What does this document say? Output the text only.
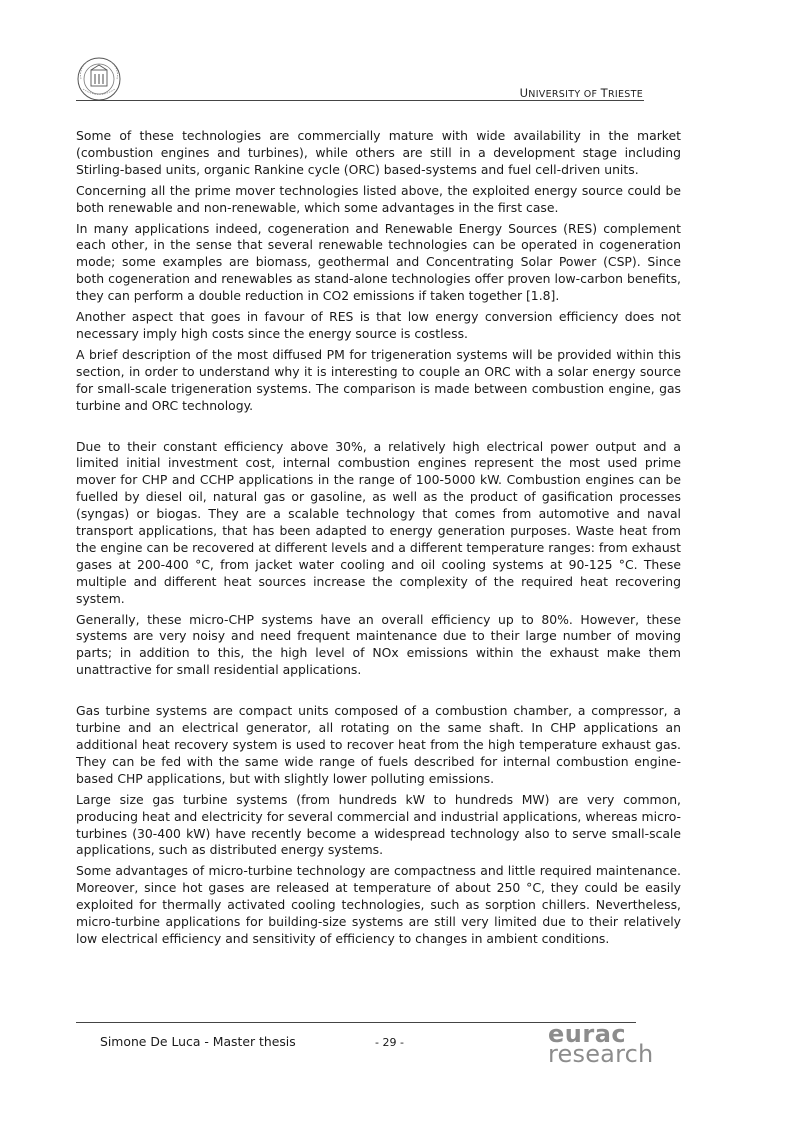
UNIVERSITY OF TRIESTE

Some of these technologies are commercially mature with wide availability in the market (combustion engines and turbines), while others are still in a development stage including Stirling-based units, organic Rankine cycle (ORC) based-systems and fuel cell-driven units.

Concerning all the prime mover technologies listed above, the exploited energy source could be both renewable and non-renewable, which some advantages in the first case.

In many applications indeed, cogeneration and Renewable Energy Sources (RES) complement each other, in the sense that several renewable technologies can be operated in cogeneration mode; some examples are biomass, geothermal and Concentrating Solar Power (CSP). Since both cogeneration and renewables as stand-alone technologies offer proven low-carbon benefits, they can perform a double reduction in CO2 emissions if taken together [1.8].

Another aspect that goes in favour of RES is that low energy conversion efficiency does not necessary imply high costs since the energy source is costless.

A brief description of the most diffused PM for trigeneration systems will be provided within this section, in order to understand why it is interesting to couple an ORC with a solar energy source for small-scale trigeneration systems. The comparison is made between combustion engine, gas turbine and ORC technology.

Due to their constant efficiency above 30%, a relatively high electrical power output and a limited initial investment cost, internal combustion engines represent the most used prime mover for CHP and CCHP applications in the range of 100-5000 kW. Combustion engines can be fuelled by diesel oil, natural gas or gasoline, as well as the product of gasification processes (syngas) or biogas. They are a scalable technology that comes from automotive and naval transport applications, that has been adapted to energy generation purposes. Waste heat from the engine can be recovered at different levels and a different temperature ranges: from exhaust gases at 200-400 °C, from jacket water cooling and oil cooling systems at 90-125 °C. These multiple and different heat sources increase the complexity of the required heat recovering system.

Generally, these micro-CHP systems have an overall efficiency up to 80%. However, these systems are very noisy and need frequent maintenance due to their large number of moving parts; in addition to this, the high level of NOx emissions within the exhaust make them unattractive for small residential applications.

Gas turbine systems are compact units composed of a combustion chamber, a compressor, a turbine and an electrical generator, all rotating on the same shaft. In CHP applications an additional heat recovery system is used to recover heat from the high temperature exhaust gas. They can be fed with the same wide range of fuels described for internal combustion engine-based CHP applications, but with slightly lower polluting emissions.

Large size gas turbine systems (from hundreds kW to hundreds MW) are very common, producing heat and electricity for several commercial and industrial applications, whereas micro-turbines (30-400 kW) have recently become a widespread technology also to serve small-scale applications, such as distributed energy systems.

Some advantages of micro-turbine technology are compactness and little required maintenance. Moreover, since hot gases are released at temperature of about 250 °C, they could be easily exploited for thermally activated cooling technologies, such as sorption chillers. Nevertheless, micro-turbine applications for building-size systems are still very limited due to their relatively low electrical efficiency and sensitivity of efficiency to changes in ambient conditions.

Simone De Luca - Master thesis	- 29 -	eurac
research
